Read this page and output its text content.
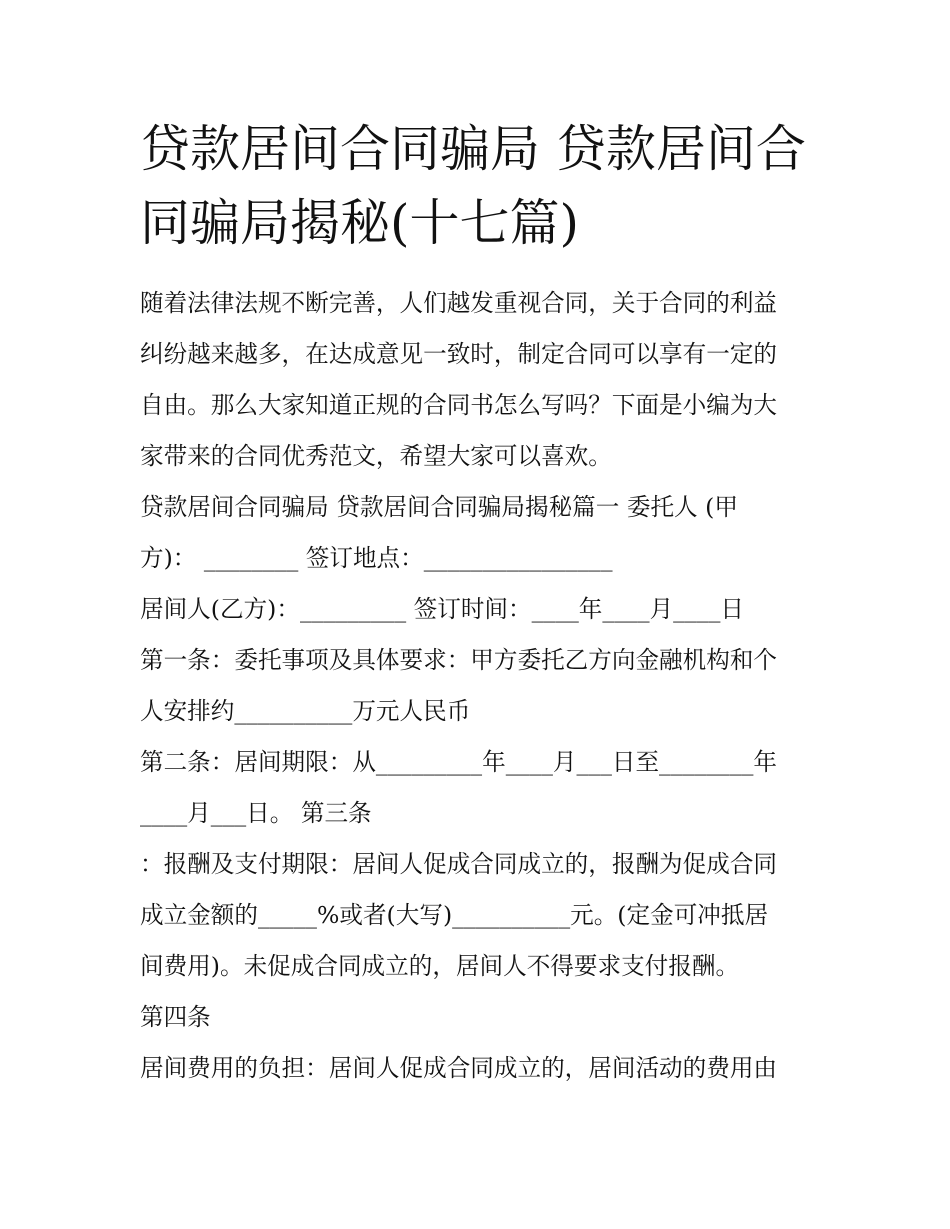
贷款居间合同骗局 贷款居间合
同骗局揭秘(十七篇)
随着法律法规不断完善，人们越发重视合同，关于合同的利益
纠纷越来越多，在达成意见一致时，制定合同可以享有一定的
自由。那么大家知道正规的合同书怎么写吗？下面是小编为大
家带来的合同优秀范文，希望大家可以喜欢。
贷款居间合同骗局 贷款居间合同骗局揭秘篇一 委托人 (甲
方)： ________ 签订地点：________________
居间人(乙方)：_________ 签订时间：____年____月____日
第一条：委托事项及具体要求：甲方委托乙方向金融机构和个
人安排约__________万元人民币
第二条：居间期限：从_________年____月___日至________年
____月___日。 第三条
：报酬及支付期限：居间人促成合同成立的，报酬为促成合同
成立金额的_____%或者(大写)__________元。(定金可冲抵居
间费用)。未促成合同成立的，居间人不得要求支付报酬。
第四条
居间费用的负担：居间人促成合同成立的，居间活动的费用由
